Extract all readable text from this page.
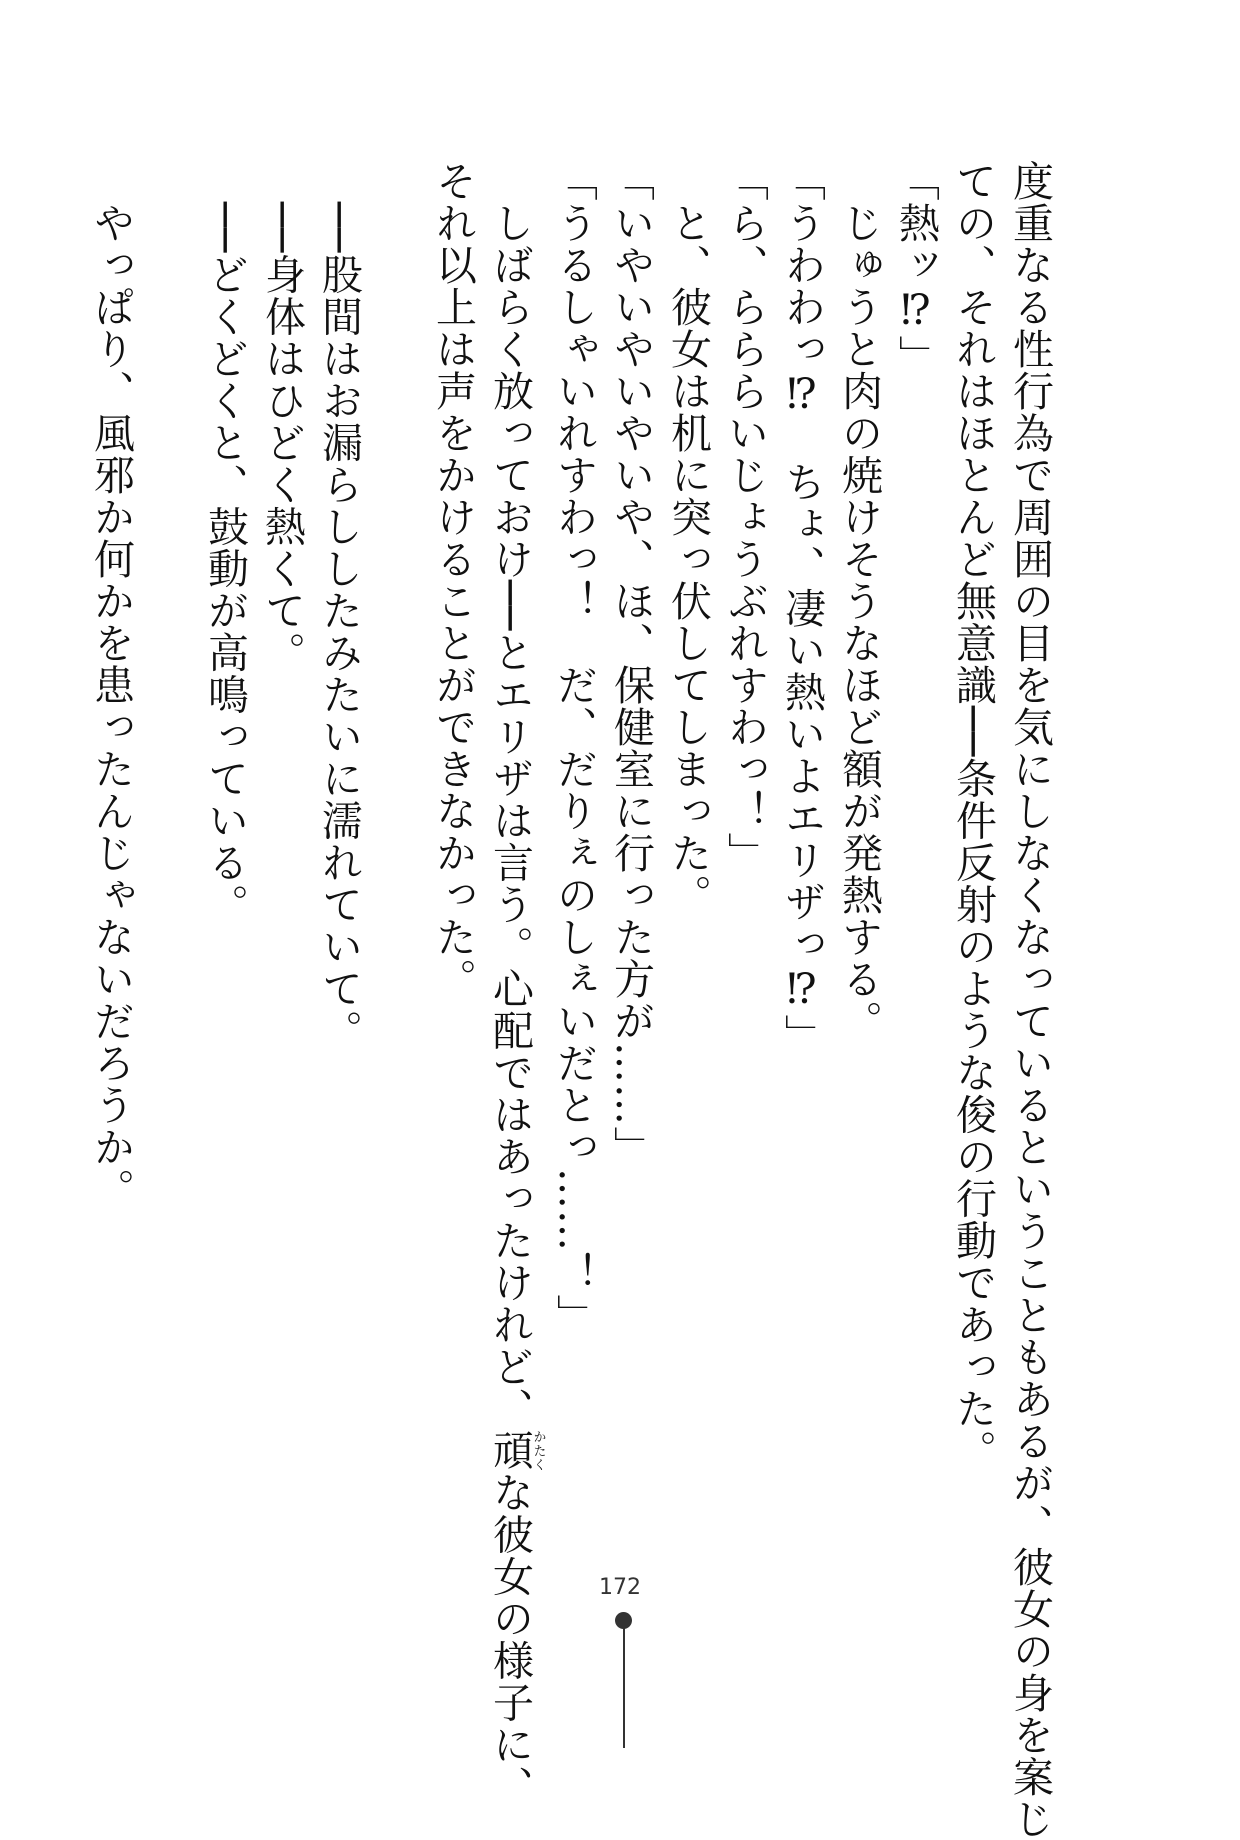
度重なる性行為で周囲の目を気にしなくなっているということもあるが、彼女の身を案じ
ての、それはほとんど無意識──条件反射のような俊の行動であった。
「熱ッ⁉」
　じゅうと肉の焼けそうなほど額が発熱する。
「うわわっ⁉　ちょ、凄い熱いよエリザっ⁉」
「ら、らららいじょうぶれすわっ！」
　と、彼女は机に突っ伏してしまった。
「いやいやいやいや、ほ、保健室に行った方が……」
「うるしゃいれすわっ！　だ、だりぇのしぇいだとっ……！」
　しばらく放っておけ──とエリザは言う。心配ではあったけれど、頑かたくな彼女の様子に、
それ以上は声をかけることができなかった。
　──股間はお漏らししたみたいに濡れていて。
　──身体はひどく熱くて。
　──どくどくと、鼓動が高鳴っている。
　やっぱり、風邪か何かを患ったんじゃないだろうか。
172
